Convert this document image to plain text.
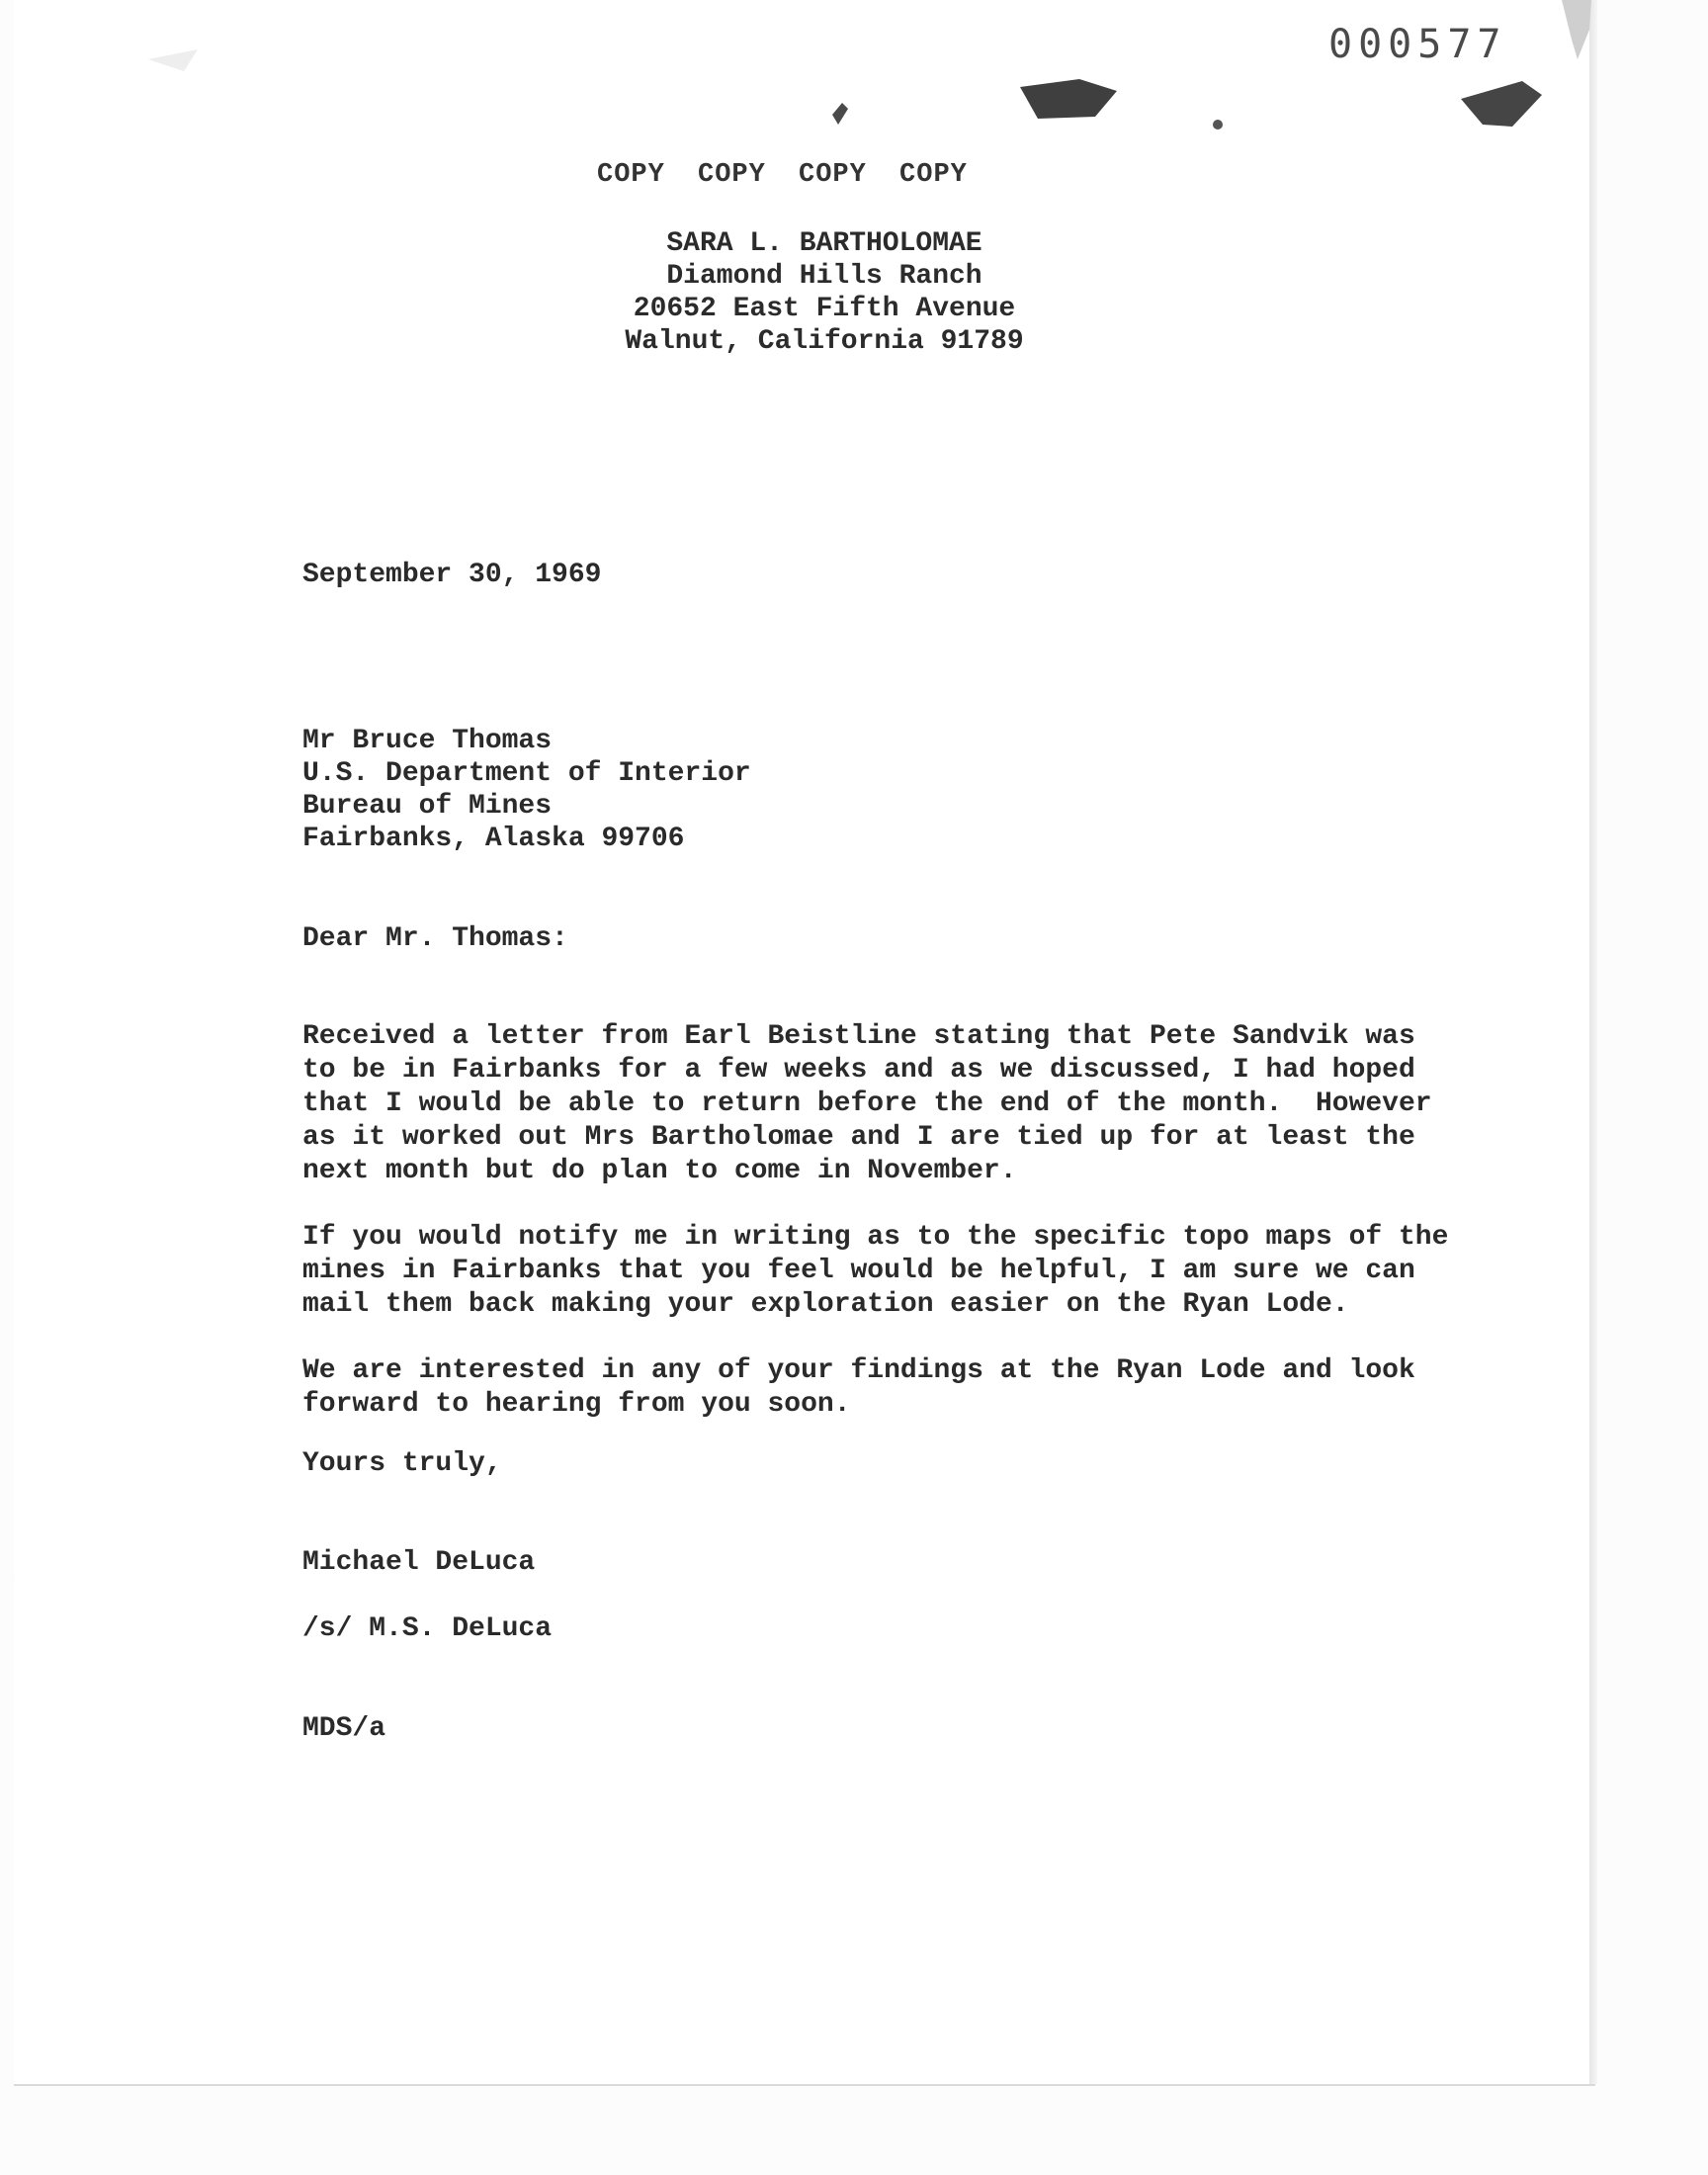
000577
COPY COPY COPY COPY
SARA L. BARTHOLOMAE
Diamond Hills Ranch
20652 East Fifth Avenue
Walnut, California 91789
September 30, 1969
Mr Bruce Thomas
U.S. Department of Interior
Bureau of Mines
Fairbanks, Alaska 99706
Dear Mr. Thomas:
Received a letter from Earl Beistline stating that Pete Sandvik was
to be in Fairbanks for a few weeks and as we discussed, I had hoped
that I would be able to return before the end of the month.  However
as it worked out Mrs Bartholomae and I are tied up for at least the
next month but do plan to come in November.
If you would notify me in writing as to the specific topo maps of the
mines in Fairbanks that you feel would be helpful, I am sure we can
mail them back making your exploration easier on the Ryan Lode.
We are interested in any of your findings at the Ryan Lode and look
forward to hearing from you soon.
Yours truly,
Michael DeLuca
/s/ M.S. DeLuca
MDS/a
